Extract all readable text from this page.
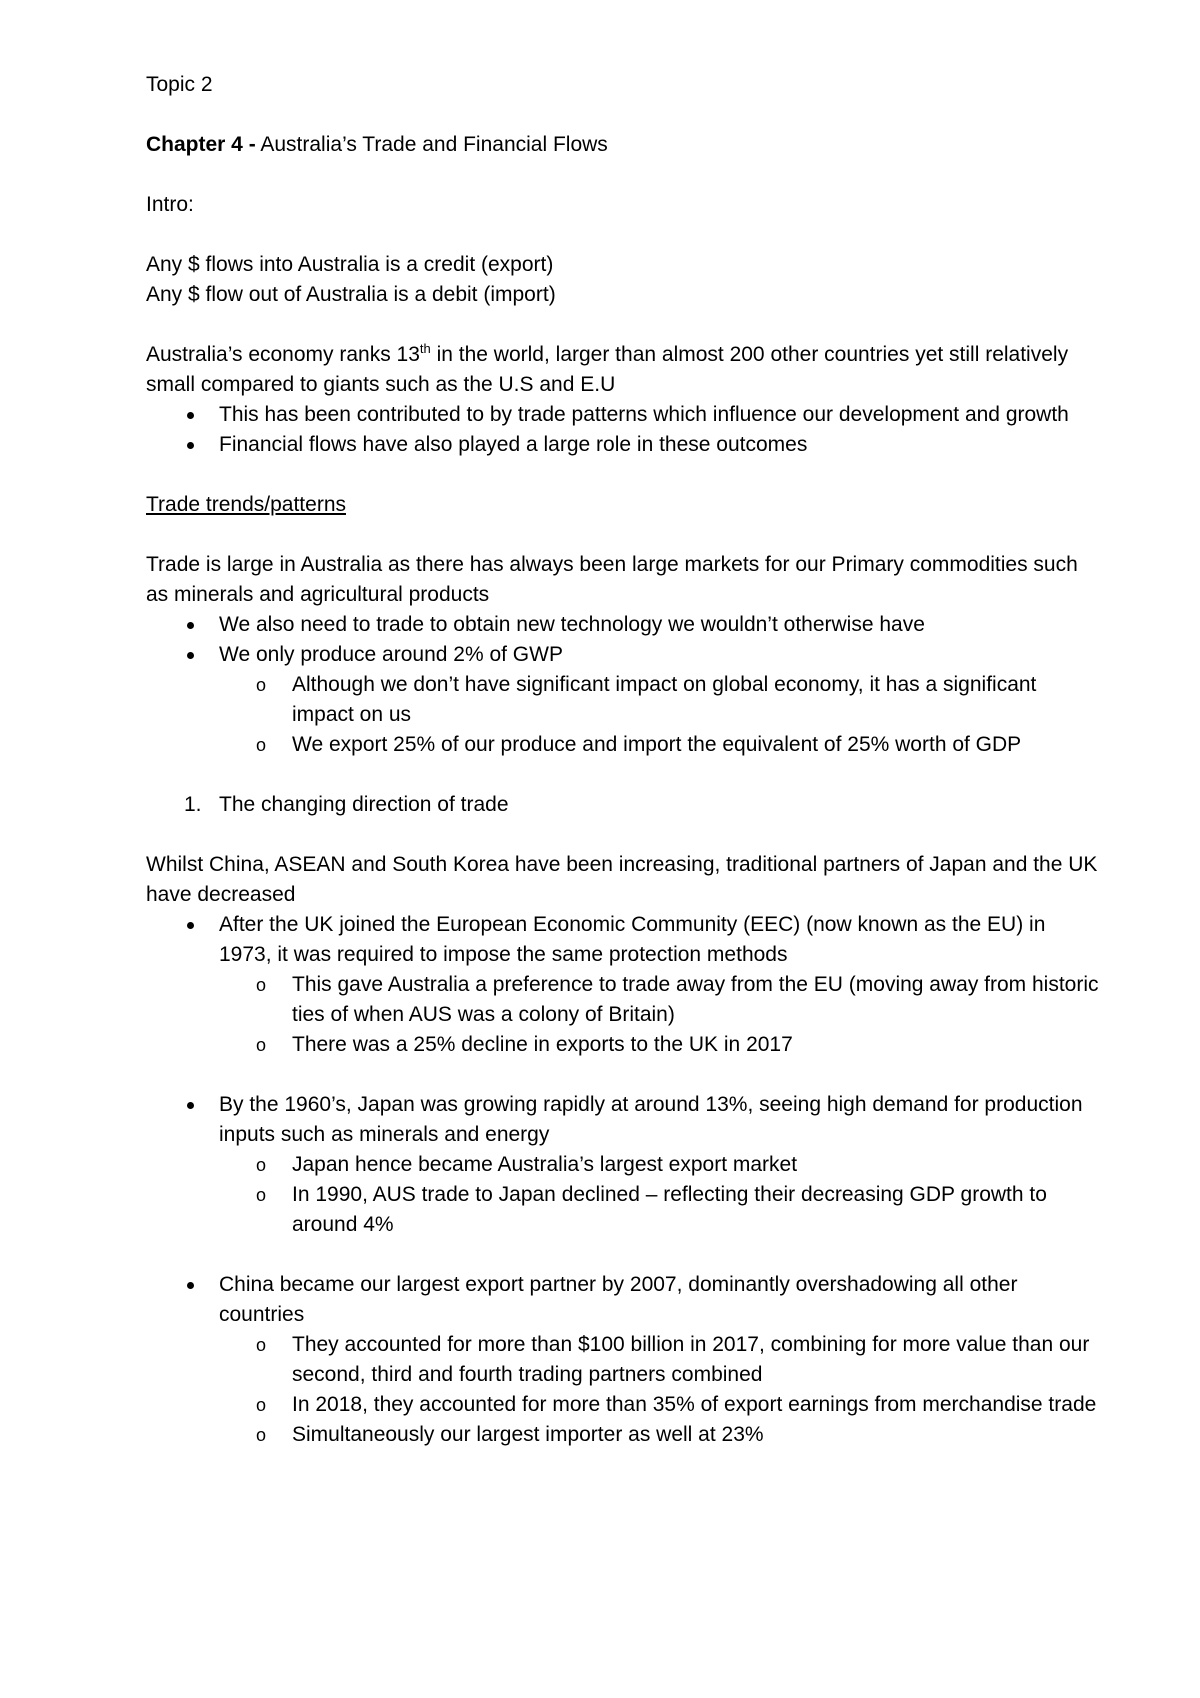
Topic 2

Chapter 4 - Australia’s Trade and Financial Flows

Intro:

Any $ flows into Australia is a credit (export)

Any $ flow out of Australia is a debit (import)

Australia’s economy ranks 13th in the world, larger than almost 200 other countries yet still relatively small compared to giants such as the U.S and E.U

This has been contributed to by trade patterns which influence our development and growth
Financial flows have also played a large role in these outcomes

Trade trends/patterns

Trade is large in Australia as there has always been large markets for our Primary commodities such as minerals and agricultural products

We also need to trade to obtain new technology we wouldn’t otherwise have
We only produce around 2% of GWP
o Although we don’t have significant impact on global economy, it has a significant impact on us
o We export 25% of our produce and import the equivalent of 25% worth of GDP
1. The changing direction of trade

Whilst China, ASEAN and South Korea have been increasing, traditional partners of Japan and the UK have decreased

After the UK joined the European Economic Community (EEC) (now known as the EU) in 1973, it was required to impose the same protection methods
o This gave Australia a preference to trade away from the EU (moving away from historic ties of when AUS was a colony of Britain)
o There was a 25% decline in exports to the UK in 2017
By the 1960’s, Japan was growing rapidly at around 13%, seeing high demand for production inputs such as minerals and energy
o Japan hence became Australia’s largest export market
o In 1990, AUS trade to Japan declined – reflecting their decreasing GDP growth to around 4%
China became our largest export partner by 2007, dominantly overshadowing all other countries
o They accounted for more than $100 billion in 2017, combining for more value than our second, third and fourth trading partners combined
o In 2018, they accounted for more than 35% of export earnings from merchandise trade
o Simultaneously our largest importer as well at 23%
